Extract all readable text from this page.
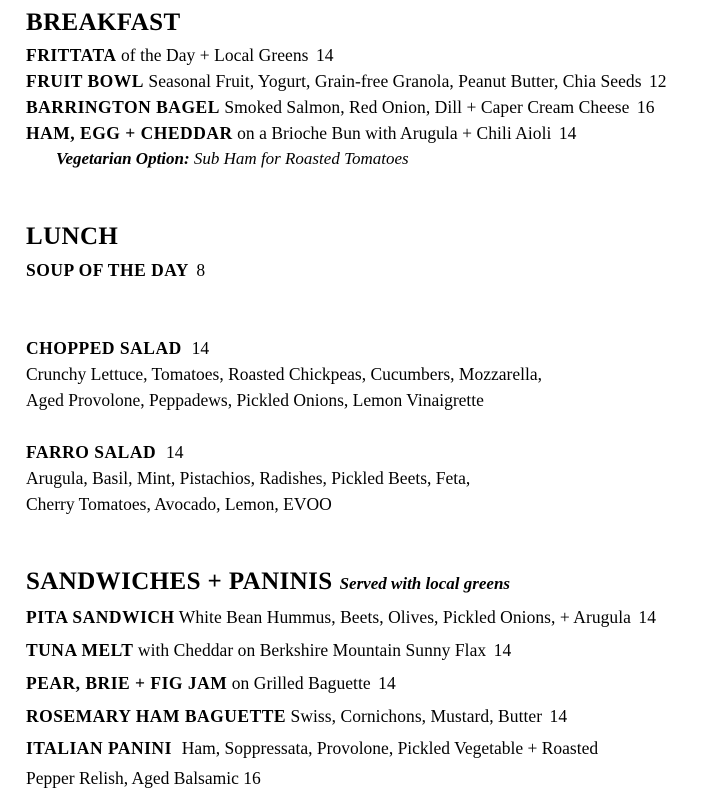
BREAKFAST
FRITTATA of the Day + Local Greens 14
FRUIT BOWL Seasonal Fruit, Yogurt, Grain-free Granola, Peanut Butter, Chia Seeds 12
BARRINGTON BAGEL Smoked Salmon, Red Onion, Dill + Caper Cream Cheese 16
HAM, EGG + CHEDDAR on a Brioche Bun with Arugula + Chili Aioli 14
Vegetarian Option: Sub Ham for Roasted Tomatoes
LUNCH
SOUP OF THE DAY 8
CHOPPED SALAD 14
Crunchy Lettuce, Tomatoes, Roasted Chickpeas, Cucumbers, Mozzarella,
Aged Provolone, Peppadews, Pickled Onions, Lemon Vinaigrette
FARRO SALAD 14
Arugula, Basil, Mint, Pistachios, Radishes, Pickled Beets, Feta,
Cherry Tomatoes, Avocado, Lemon, EVOO
SANDWICHES + PANINIS Served with local greens
PITA SANDWICH White Bean Hummus, Beets, Olives, Pickled Onions, + Arugula 14
TUNA MELT with Cheddar on Berkshire Mountain Sunny Flax 14
PEAR, BRIE + FIG JAM on Grilled Baguette 14
ROSEMARY HAM BAGUETTE Swiss, Cornichons, Mustard, Butter 14
ITALIAN PANINI Ham, Soppressata, Provolone, Pickled Vegetable + Roasted
Pepper Relish, Aged Balsamic 16
